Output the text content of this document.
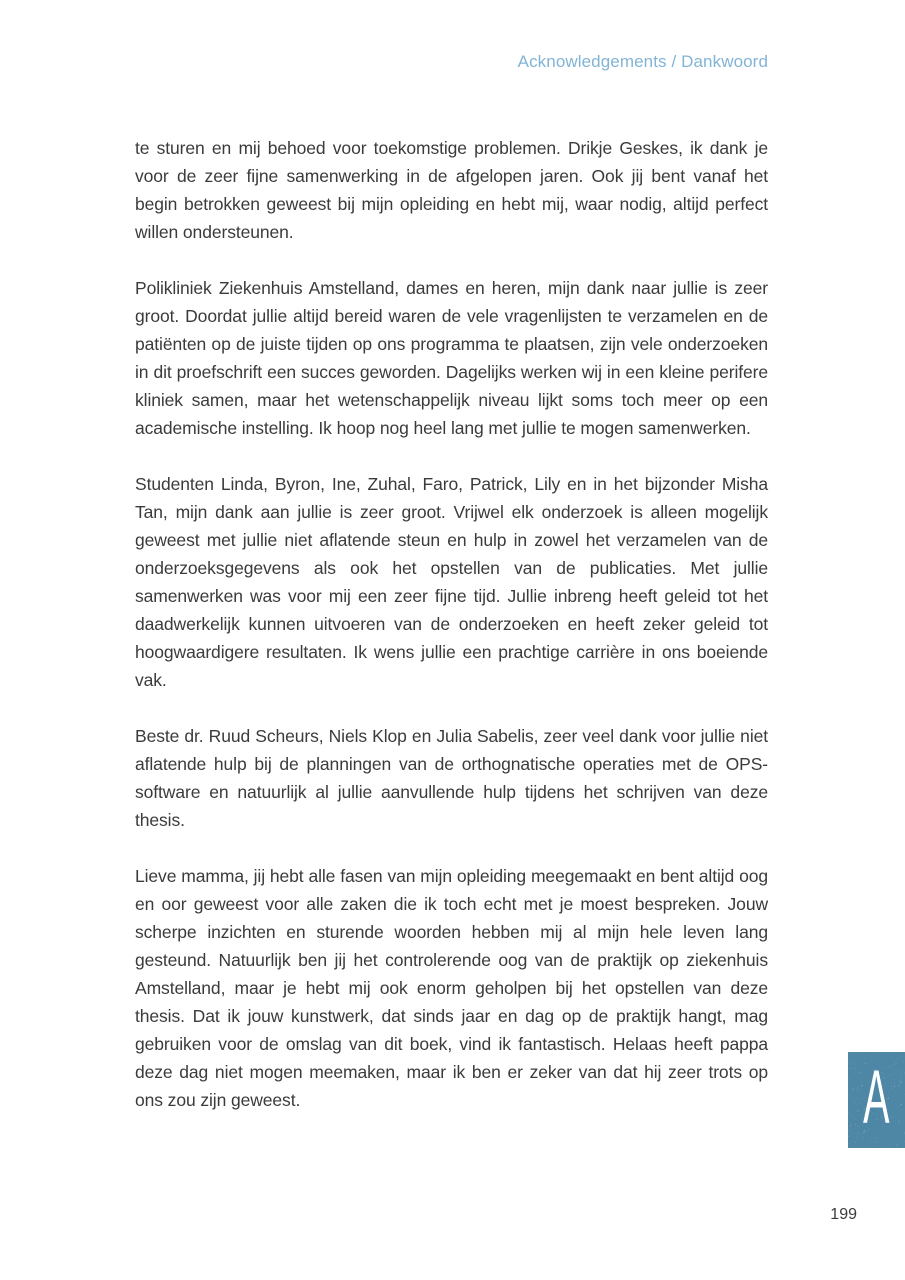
Acknowledgements / Dankwoord

te sturen en mij behoed voor toekomstige problemen. Drikje Geskes, ik dank je voor de zeer fijne samenwerking in de afgelopen jaren. Ook jij bent vanaf het begin betrokken geweest bij mijn opleiding en hebt mij, waar nodig, altijd perfect willen ondersteunen.

Polikliniek Ziekenhuis Amstelland, dames en heren, mijn dank naar jullie is zeer groot. Doordat jullie altijd bereid waren de vele vragenlijsten te verzamelen en de patiënten op de juiste tijden op ons programma te plaatsen, zijn vele onderzoeken in dit proefschrift een succes geworden. Dagelijks werken wij in een kleine perifere kliniek samen, maar het wetenschappelijk niveau lijkt soms toch meer op een academische instelling. Ik hoop nog heel lang met jullie te mogen samenwerken.

Studenten Linda, Byron, Ine, Zuhal, Faro, Patrick, Lily en in het bijzonder Misha Tan, mijn dank aan jullie is zeer groot. Vrijwel elk onderzoek is alleen mogelijk geweest met jullie niet aflatende steun en hulp in zowel het verzamelen van de onderzoeksgegevens als ook het opstellen van de publicaties. Met jullie samenwerken was voor mij een zeer fijne tijd. Jullie inbreng heeft geleid tot het daadwerkelijk kunnen uitvoeren van de onderzoeken en heeft zeker geleid tot hoogwaardigere resultaten. Ik wens jullie een prachtige carrière in ons boeiende vak.

Beste dr. Ruud Scheurs, Niels Klop en Julia Sabelis, zeer veel dank voor jullie niet aflatende hulp bij de planningen van de orthognatische operaties met de OPS-software en natuurlijk al jullie aanvullende hulp tijdens het schrijven van deze thesis.

Lieve mamma, jij hebt alle fasen van mijn opleiding meegemaakt en bent altijd oog en oor geweest voor alle zaken die ik toch echt met je moest bespreken. Jouw scherpe inzichten en sturende woorden hebben mij al mijn hele leven lang gesteund. Natuurlijk ben jij het controlerende oog van de praktijk op ziekenhuis Amstelland, maar je hebt mij ook enorm geholpen bij het opstellen van deze thesis. Dat ik jouw kunstwerk, dat sinds jaar en dag op de praktijk hangt, mag gebruiken voor de omslag van dit boek, vind ik fantastisch. Helaas heeft pappa deze dag niet mogen meemaken, maar ik ben er zeker van dat hij zeer trots op ons zou zijn geweest.	A
199
